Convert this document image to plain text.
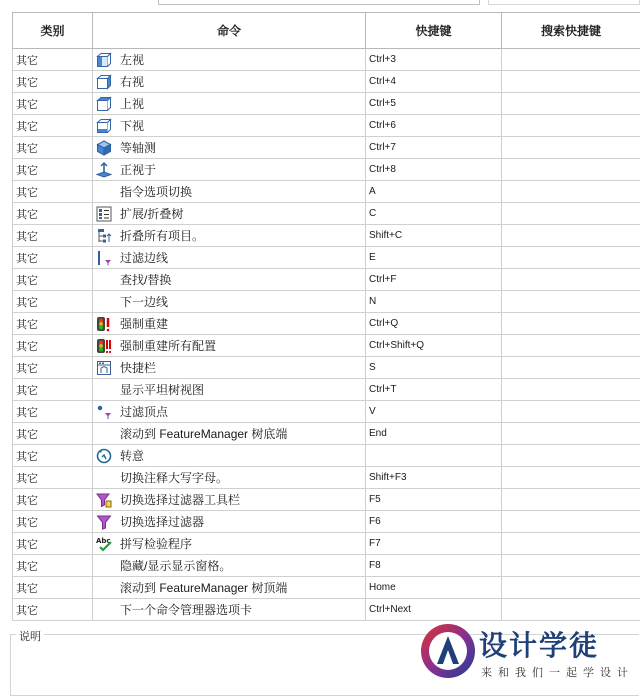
类别	命令	快捷键	搜索快捷键
其它	左视	Ctrl+3	
其它	右视	Ctrl+4	
其它	上视	Ctrl+5	
其它	下视	Ctrl+6	
其它	等轴测	Ctrl+7	
其它	正视于	Ctrl+8	
其它	指令选项切换	A	
其它	扩展/折叠树	C	
其它	折叠所有项目。	Shift+C	
其它	过滤边线	E	
其它	查找/替换	Ctrl+F	
其它	下一边线	N	
其它	强制重建	Ctrl+Q	
其它	强制重建所有配置	Ctrl+Shift+Q	
其它	快捷栏	S	
其它	显示平坦树视图	Ctrl+T	
其它	过滤顶点	V	
其它	滚动到 FeatureManager 树底端	End	
其它	转意		
其它	切换注释大写字母。	Shift+F3	
其它	切换选择过滤器工具栏	F5	
其它	切换选择过滤器	F6	
其它	Abc 拼写检验程序	F7	
其它	隐藏/显示显示窗格。	F8	
其它	滚动到 FeatureManager 树顶端	Home	
其它	下一个命令管理器选项卡	Ctrl+Next	
说明	设计学徒
来和我们一起学设计
